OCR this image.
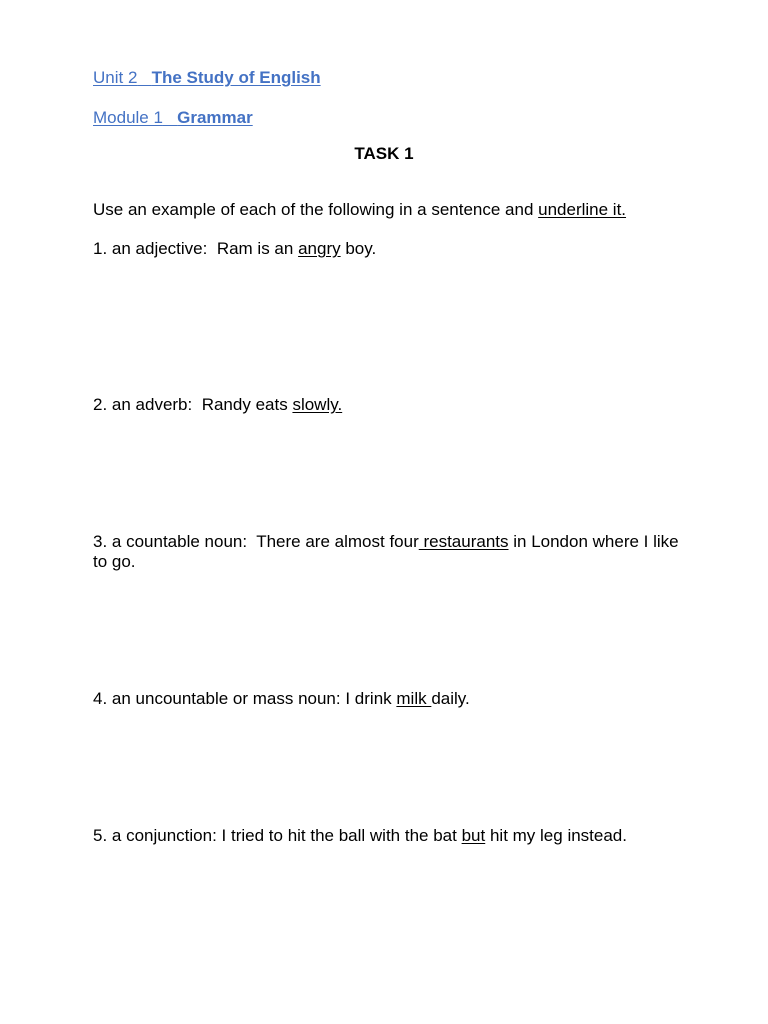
Unit 2 The Study of English
Module 1 Grammar
TASK 1
Use an example of each of the following in a sentence and underline it.
1. an adjective: Ram is an angry boy.
2. an adverb: Randy eats slowly.
3. a countable noun: There are almost four restaurants in London where I like to go.
4. an uncountable or mass noun: I drink milk daily.
5. a conjunction: I tried to hit the ball with the bat but hit my leg instead.
